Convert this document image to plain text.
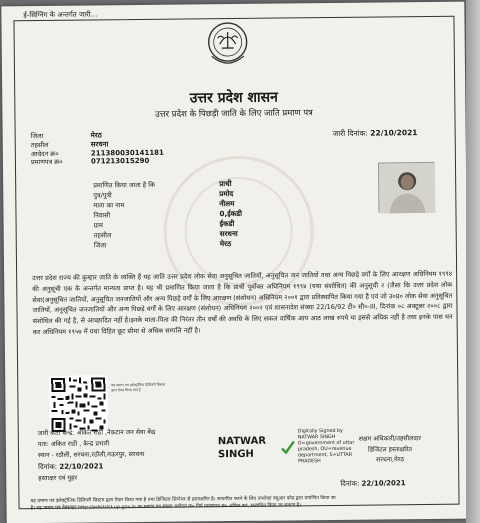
ई-सिग्निंग के अन्तर्गत जारी...
उत्तर प्रदेश शासन
उत्तर प्रदेश के पिछड़ी जाति के लिए जाति प्रमाण पत्र
जारी दिनांक: 22/10/2021
जिला	मेरठ
तहसील	सरधना
आवेदन क्र०	211380030141181
प्रमाणपत्र क्र०	071213015290
प्रमाणित किया जाता है कि	प्राची
पुत्र/पुत्री	प्रमोद
माता का नाम	नीलम
निवासी	0,ईकडी
ग्राम	ईकडी
तहसील	सरधना
जिला	मेरठ
उत्तर प्रदेश राज्य की कुम्हार जाति के व्यक्ति हैं यह जाति उत्तर प्रदेश लोक सेवा अनुसूचित जातियों, अनुसूचित जन जातियों तथा अन्य पिछड़े वर्गों के लिए आरक्षण अधिनियम १९९४ की अनुसूची एक के अन्तर्गत मान्यता प्राप्त है। यह भी प्रमाणित किया जाता है कि प्राची पूर्वोक्त अधिनियम १९९४ (यथा संशोधित) की अनुसूची २ (जैसा कि उत्तर प्रदेश लोक सेवा(अनुसूचित जातियों, अनुसूचित जनजातियों और अन्य पिछड़े वर्गों के लिए आरक्षण (संशोधन) अधिनियम २००१ द्वारा प्रतिस्थापित किया गया है एवं जो उ०प्र० लोक सेवा अनुसूचित जातियों, अनुसूचित जनजातियों और अन्य पिछड़े वर्गों के लिए आरक्षण (संशोधन) अधिनियम २००२ एवं शासनादेश संख्या 22/16/92 टी० सी०-III, दिनांक ०८ अक्टूबर २००८ द्वारा संशोधित की गई है, से आच्छादित नहीं है।इनके माता-पिता की निरंतर तीन वर्षों की अवधि के लिए सकल वार्षिक आय आठ लाख रुपये या इससे अधिक नहीं है तथा इनके पास धन कर अधिनियम १९५७ में यथा विहित छूट सीमा से अधिक सम्पत्ति नहीं है।
यह प्रमाण पत्र इलेक्ट्रॉनिक डिलिवरी सिस्टम द्वारा तैयार किया गया है
जारी कर्ता केन्द्र: अंकित राठी ,नेकटान जन सेवा केंद्र
पता: अंकित राठी , केन्द्र प्रभारी
स्थान - रठौली, सरधना,रठौली,मऊरपुर, सरधना
दिनांक: 22/10/2021
हस्ताक्षर एवं मुहर
NATWAR
SINGH
Digitally Signed by
NATWAR SINGH
O=government of uttar
pradesh, OU=revenue
department, S=UTTAR
PRADESH
सक्षम अधिकारी/तहसीलदार
डिजिटल हस्ताक्षरित
सरधना,मेरठ
दिनांक: 22/10/2021
यह प्रमाण पत्र इलेक्ट्रॉनिक डिलिवरी सिस्टम द्वारा तैयार किया गया है तथा डिजिटल सिग्नेचर से हस्ताक्षरित है। सत्यापित करने के लिए उपरोक्त क्यूआर कोड द्वारा प्रमाणित किया जा
है। यह प्रमाण पत्र वेबसाइट http://edistrict.up.gov.in पर प्रमाण पत्र संख्या आवेदन क्र० निर्ग प्रमाणपत्र क्र० अंकित कर, सत्यापित किया जा सकता है।
